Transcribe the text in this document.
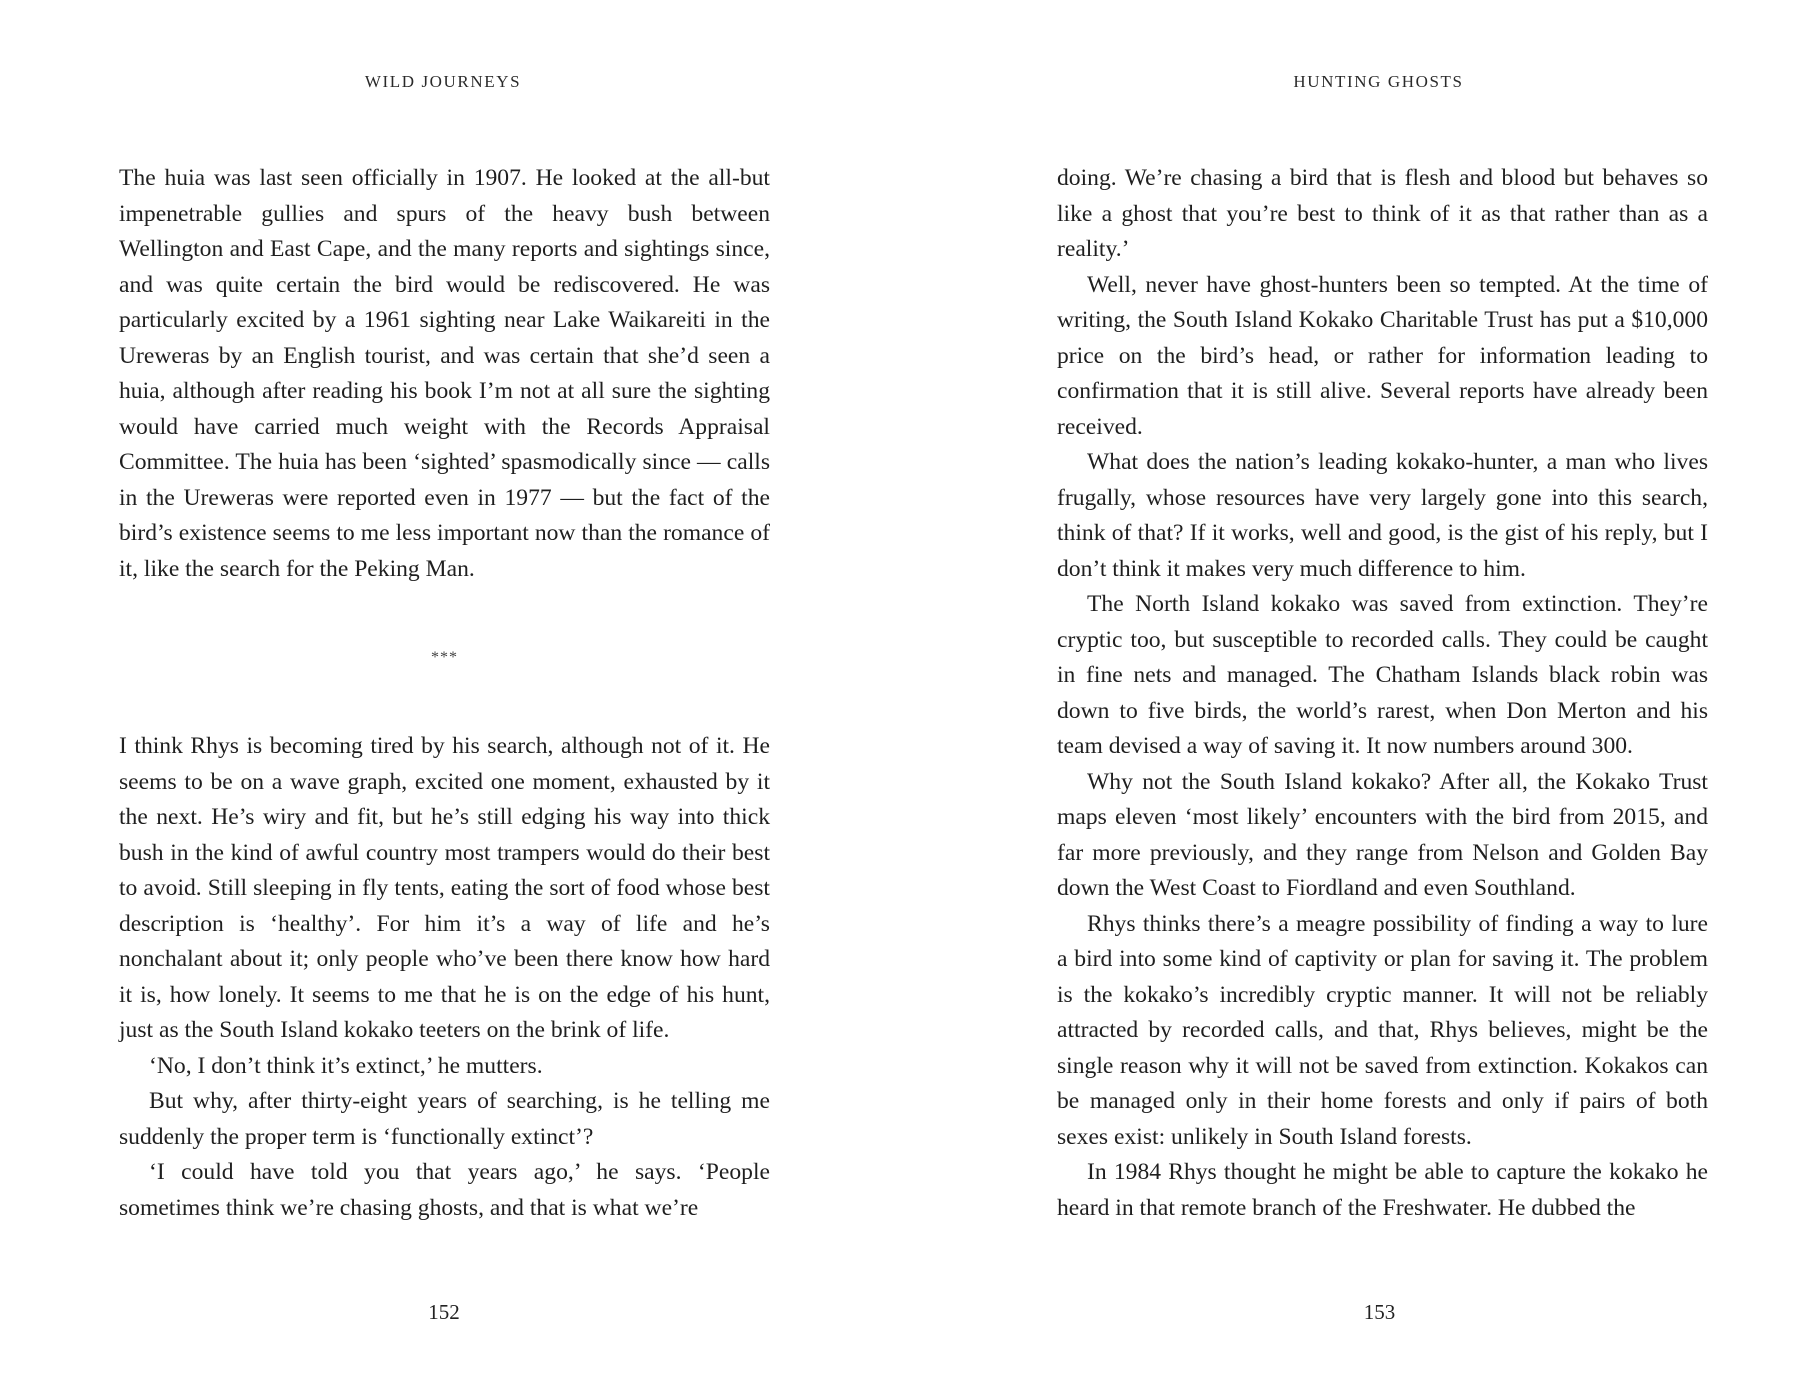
WILD JOURNEYS

The huia was last seen officially in 1907. He looked at the all-but impenetrable gullies and spurs of the heavy bush between Wellington and East Cape, and the many reports and sightings since, and was quite certain the bird would be rediscovered. He was particularly excited by a 1961 sighting near Lake Waikareiti in the Ureweras by an English tourist, and was certain that she’d seen a huia, although after reading his book I’m not at all sure the sighting would have carried much weight with the Records Appraisal Committee. The huia has been ‘sighted’ spasmodically since — calls in the Ureweras were reported even in 1977 — but the fact of the bird’s existence seems to me less important now than the romance of it, like the search for the Peking Man.

***

I think Rhys is becoming tired by his search, although not of it. He seems to be on a wave graph, excited one moment, exhausted by it the next. He’s wiry and fit, but he’s still edging his way into thick bush in the kind of awful country most trampers would do their best to avoid. Still sleeping in fly tents, eating the sort of food whose best description is ‘healthy’. For him it’s a way of life and he’s nonchalant about it; only people who’ve been there know how hard it is, how lonely. It seems to me that he is on the edge of his hunt, just as the South Island kokako teeters on the brink of life.

‘No, I don’t think it’s extinct,’ he mutters.

But why, after thirty-eight years of searching, is he telling me suddenly the proper term is ‘functionally extinct’?

‘I could have told you that years ago,’ he says. ‘People sometimes think we’re chasing ghosts, and that is what we’re

152
HUNTING GHOSTS

doing. We’re chasing a bird that is flesh and blood but behaves so like a ghost that you’re best to think of it as that rather than as a reality.’

Well, never have ghost-hunters been so tempted. At the time of writing, the South Island Kokako Charitable Trust has put a $10,000 price on the bird’s head, or rather for information leading to confirmation that it is still alive. Several reports have already been received.

What does the nation’s leading kokako-hunter, a man who lives frugally, whose resources have very largely gone into this search, think of that? If it works, well and good, is the gist of his reply, but I don’t think it makes very much difference to him.

The North Island kokako was saved from extinction. They’re cryptic too, but susceptible to recorded calls. They could be caught in fine nets and managed. The Chatham Islands black robin was down to five birds, the world’s rarest, when Don Merton and his team devised a way of saving it. It now numbers around 300.

Why not the South Island kokako? After all, the Kokako Trust maps eleven ‘most likely’ encounters with the bird from 2015, and far more previously, and they range from Nelson and Golden Bay down the West Coast to Fiordland and even Southland.

Rhys thinks there’s a meagre possibility of finding a way to lure a bird into some kind of captivity or plan for saving it. The problem is the kokako’s incredibly cryptic manner. It will not be reliably attracted by recorded calls, and that, Rhys believes, might be the single reason why it will not be saved from extinction. Kokakos can be managed only in their home forests and only if pairs of both sexes exist: unlikely in South Island forests.

In 1984 Rhys thought he might be able to capture the kokako he heard in that remote branch of the Freshwater. He dubbed the

153
